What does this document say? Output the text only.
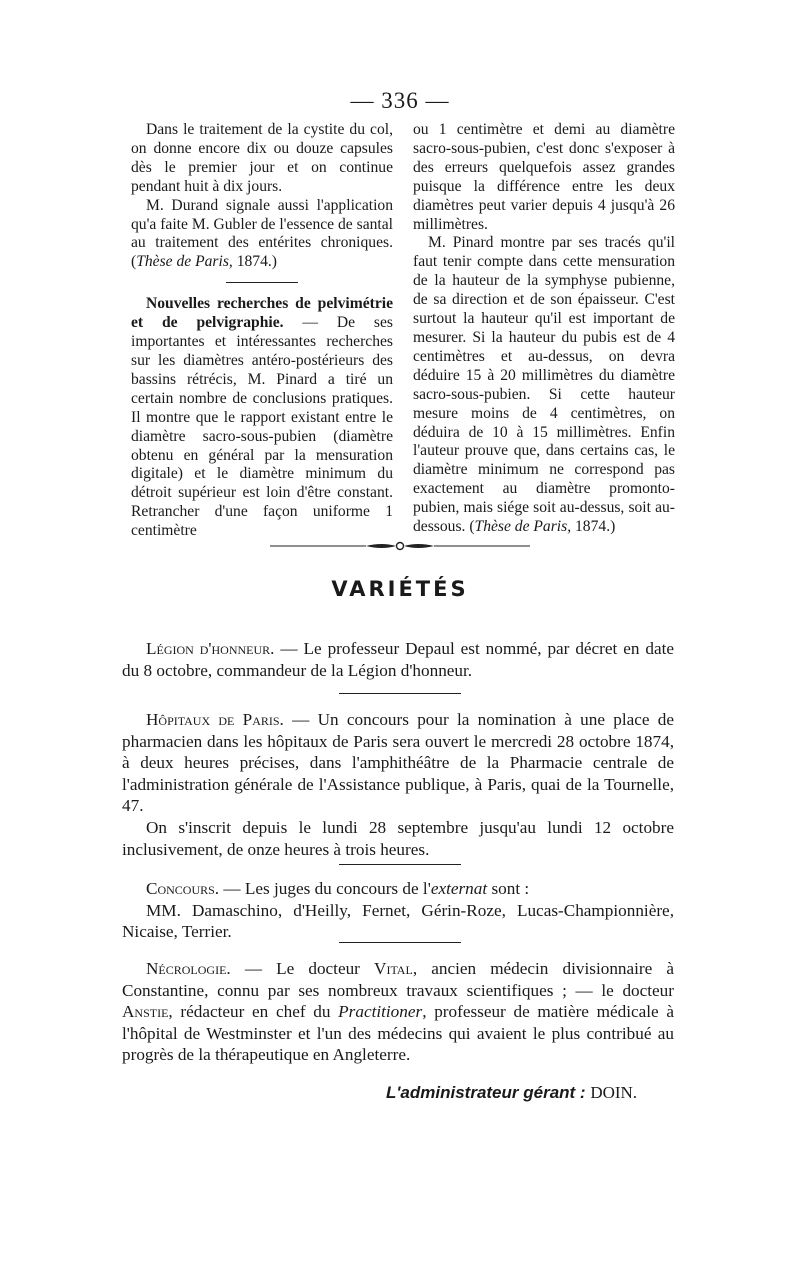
— 336 —

Dans le traitement de la cystite du col, on donne encore dix ou douze capsules dès le premier jour et on continue pendant huit à dix jours.

M. Durand signale aussi l'application qu'a faite M. Gubler de l'essence de santal au traitement des entérites chroniques. (Thèse de Paris, 1874.)

Nouvelles recherches de pelvimétrie et de pelvigraphie. — De ses importantes et intéressantes recherches sur les diamètres antéro-postérieurs des bassins rétrécis, M. Pinard a tiré un certain nombre de conclusions pratiques. Il montre que le rapport existant entre le diamètre sacro-sous-pubien (diamètre obtenu en général par la mensuration digitale) et le diamètre minimum du détroit supérieur est loin d'être constant. Retrancher d'une façon uniforme 1 centimètre

ou 1 centimètre et demi au diamètre sacro-sous-pubien, c'est donc s'exposer à des erreurs quelquefois assez grandes puisque la différence entre les deux diamètres peut varier depuis 4 jusqu'à 26 millimètres.

M. Pinard montre par ses tracés qu'il faut tenir compte dans cette mensuration de la hauteur de la symphyse pubienne, de sa direction et de son épaisseur. C'est surtout la hauteur qu'il est important de mesurer. Si la hauteur du pubis est de 4 centimètres et au-dessus, on devra déduire 15 à 20 millimètres du diamètre sacro-sous-pubien. Si cette hauteur mesure moins de 4 centimètres, on déduira de 10 à 15 millimètres. Enfin l'auteur prouve que, dans certains cas, le diamètre minimum ne correspond pas exactement au diamètre promonto-pubien, mais siége soit au-dessus, soit au-dessous. (Thèse de Paris, 1874.)

VARIÉTÉS

Légion d'honneur. — Le professeur Depaul est nommé, par décret en date du 8 octobre, commandeur de la Légion d'honneur.

Hôpitaux de Paris. — Un concours pour la nomination à une place de pharmacien dans les hôpitaux de Paris sera ouvert le mercredi 28 octobre 1874, à deux heures précises, dans l'amphithéâtre de la Pharmacie centrale de l'administration générale de l'Assistance publique, à Paris, quai de la Tournelle, 47.

On s'inscrit depuis le lundi 28 septembre jusqu'au lundi 12 octobre inclusivement, de onze heures à trois heures.

Concours. — Les juges du concours de l'externat sont :

MM. Damaschino, d'Heilly, Fernet, Gérin-Roze, Lucas-Championnière, Nicaise, Terrier.

Nécrologie. — Le docteur Vital, ancien médecin divisionnaire à Constantine, connu par ses nombreux travaux scientifiques ; — le docteur Anstie, rédacteur en chef du Practitioner, professeur de matière médicale à l'hôpital de Westminster et l'un des médecins qui avaient le plus contribué au progrès de la thérapeutique en Angleterre.

L'administrateur gérant : DOIN.
